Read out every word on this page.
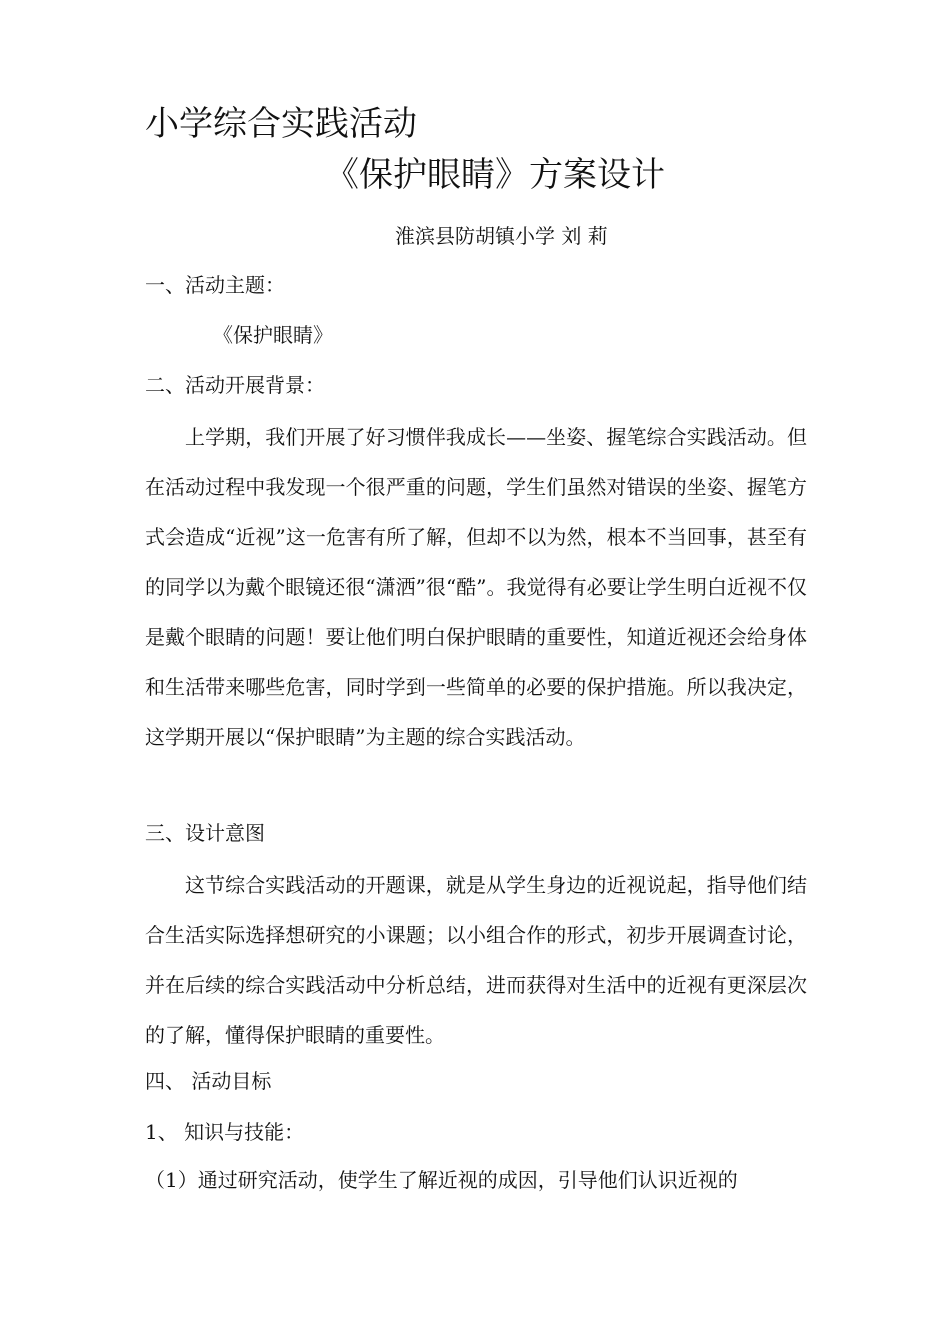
小学综合实践活动
《保护眼睛》方案设计
淮滨县防胡镇小学 刘 莉
一、活动主题：
《保护眼睛》
二、活动开展背景：
上学期，我们开展了好习惯伴我成长——坐姿、握笔综合实践活动。但在活动过程中我发现一个很严重的问题，学生们虽然对错误的坐姿、握笔方式会造成“近视”这一危害有所了解，但却不以为然，根本不当回事，甚至有的同学以为戴个眼镜还很“潇洒”很“酷”。我觉得有必要让学生明白近视不仅是戴个眼睛的问题！要让他们明白保护眼睛的重要性，知道近视还会给身体和生活带来哪些危害，同时学到一些简单的必要的保护措施。所以我决定，这学期开展以“保护眼睛”为主题的综合实践活动。
三、设计意图
这节综合实践活动的开题课，就是从学生身边的近视说起，指导他们结合生活实际选择想研究的小课题；以小组合作的形式，初步开展调查讨论，并在后续的综合实践活动中分析总结，进而获得对生活中的近视有更深层次的了解，懂得保护眼睛的重要性。
四、 活动目标
1、 知识与技能：
（1）通过研究活动，使学生了解近视的成因，引导他们认识近视的
